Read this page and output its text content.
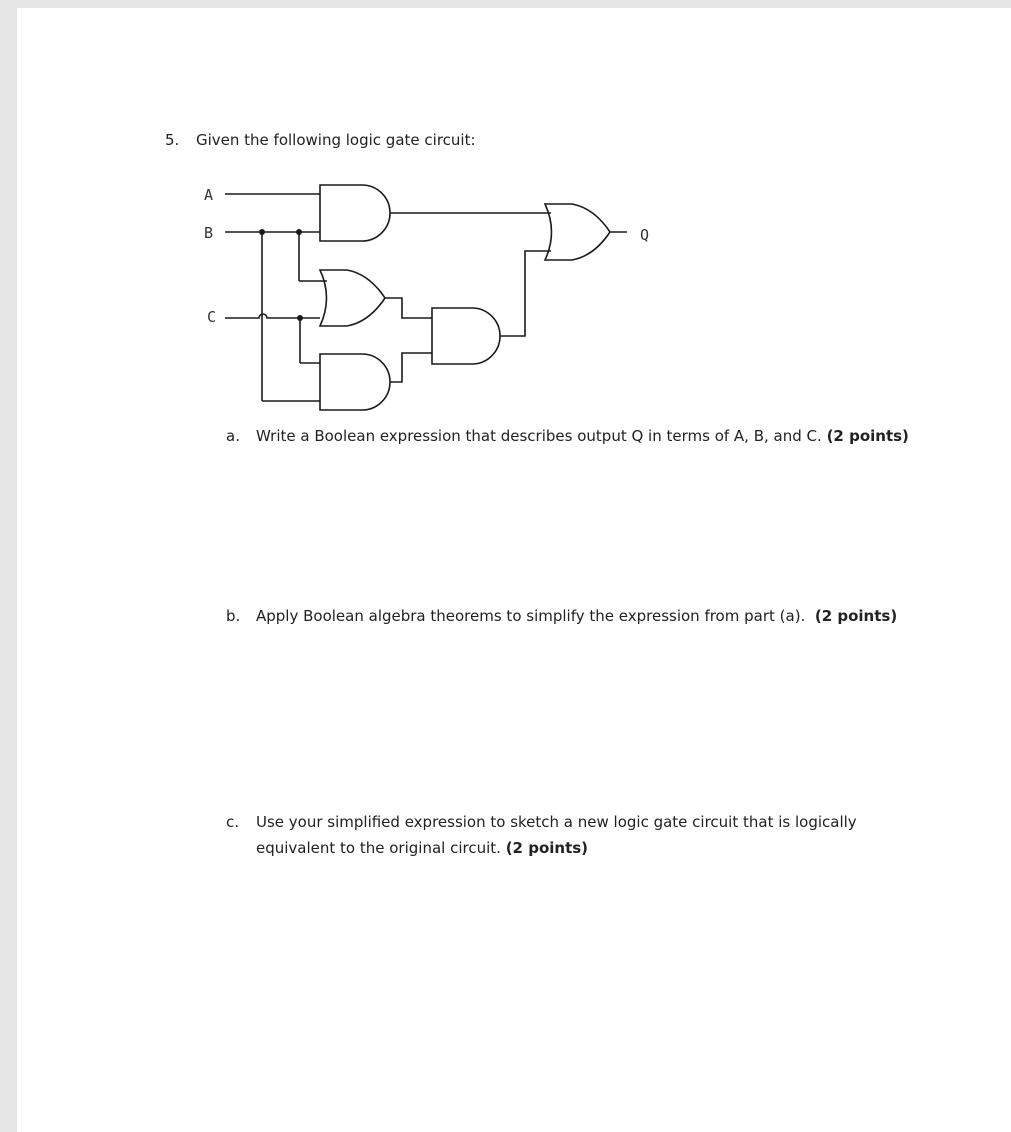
5. Given the following logic gate circuit:
A
B
C
Q
a. Write a Boolean expression that describes output Q in terms of A, B, and C. (2 points)
b. Apply Boolean algebra theorems to simplify the expression from part (a). (2 points)
c. Use your simplified expression to sketch a new logic gate circuit that is logically
equivalent to the original circuit. (2 points)
